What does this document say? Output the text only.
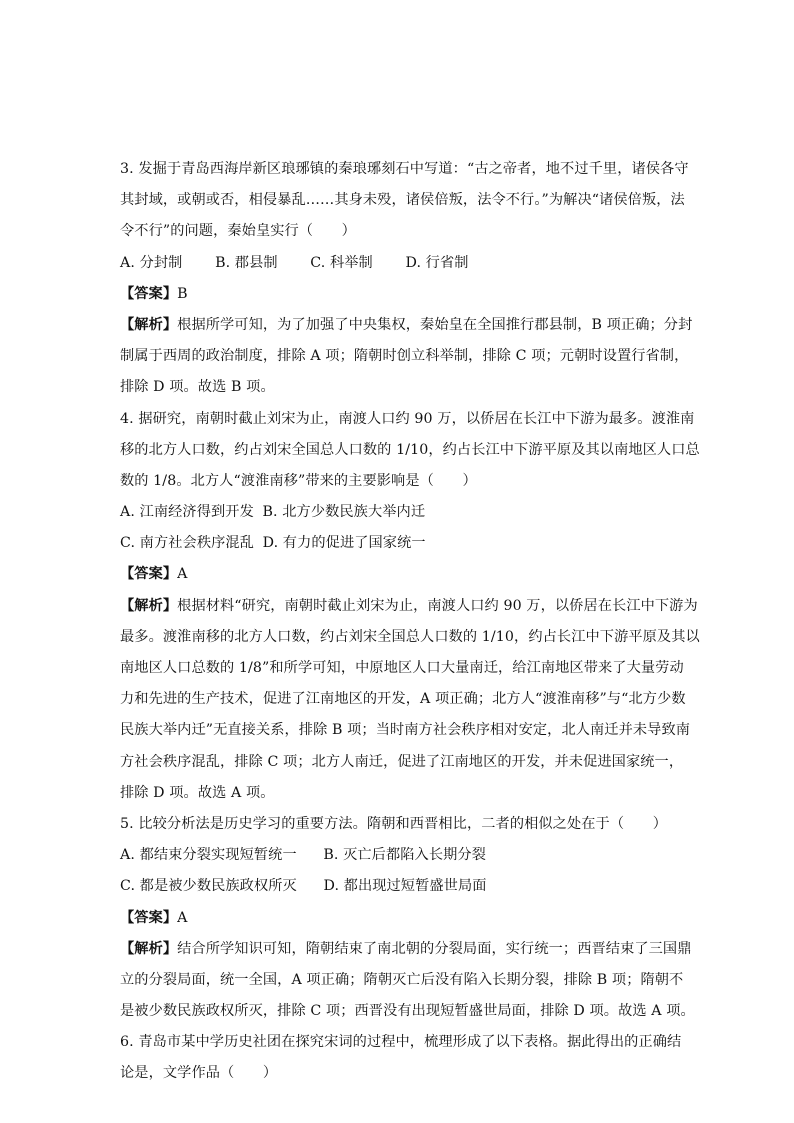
3. 发掘于青岛西海岸新区琅琊镇的秦琅琊刻石中写道：“古之帝者，地不过千里，诸侯各守
其封域，或朝或否，相侵暴乱……其身未殁，诸侯倍叛，法令不行。”为解决“诸侯倍叛，法
令不行”的问题，秦始皇实行（　　）
A. 分封制 B. 郡县制 C. 科举制 D. 行省制
【答案】B
【解析】根据所学可知，为了加强了中央集权，秦始皇在全国推行郡县制，B 项正确；分封
制属于西周的政治制度，排除 A 项；隋朝时创立科举制，排除 C 项；元朝时设置行省制，
排除 D 项。故选 B 项。
4. 据研究，南朝时截止刘宋为止，南渡人口约 90 万，以侨居在长江中下游为最多。渡淮南
移的北方人口数，约占刘宋全国总人口数的 1/10，约占长江中下游平原及其以南地区人口总
数的 1/8。北方人“渡淮南移”带来的主要影响是（　　）
A. 江南经济得到开发 B. 北方少数民族大举内迁
C. 南方社会秩序混乱 D. 有力的促进了国家统一
【答案】A
【解析】根据材料“研究，南朝时截止刘宋为止，南渡人口约 90 万，以侨居在长江中下游为
最多。渡淮南移的北方人口数，约占刘宋全国总人口数的 1/10，约占长江中下游平原及其以
南地区人口总数的 1/8”和所学可知，中原地区人口大量南迁，给江南地区带来了大量劳动
力和先进的生产技术，促进了江南地区的开发，A 项正确；北方人“渡淮南移”与“北方少数
民族大举内迁”无直接关系，排除 B 项；当时南方社会秩序相对安定，北人南迁并未导致南
方社会秩序混乱，排除 C 项；北方人南迁，促进了江南地区的开发，并未促进国家统一，
排除 D 项。故选 A 项。
5. 比较分析法是历史学习的重要方法。隋朝和西晋相比，二者的相似之处在于（　　）
A. 都结束分裂实现短暂统一 B. 灭亡后都陷入长期分裂
C. 都是被少数民族政权所灭 D. 都出现过短暂盛世局面
【答案】A
【解析】结合所学知识可知，隋朝结束了南北朝的分裂局面，实行统一；西晋结束了三国鼎
立的分裂局面，统一全国，A 项正确；隋朝灭亡后没有陷入长期分裂，排除 B 项；隋朝不
是被少数民族政权所灭，排除 C 项；西晋没有出现短暂盛世局面，排除 D 项。故选 A 项。
6. 青岛市某中学历史社团在探究宋词的过程中，梳理形成了以下表格。据此得出的正确结
论是，文学作品（　　）
